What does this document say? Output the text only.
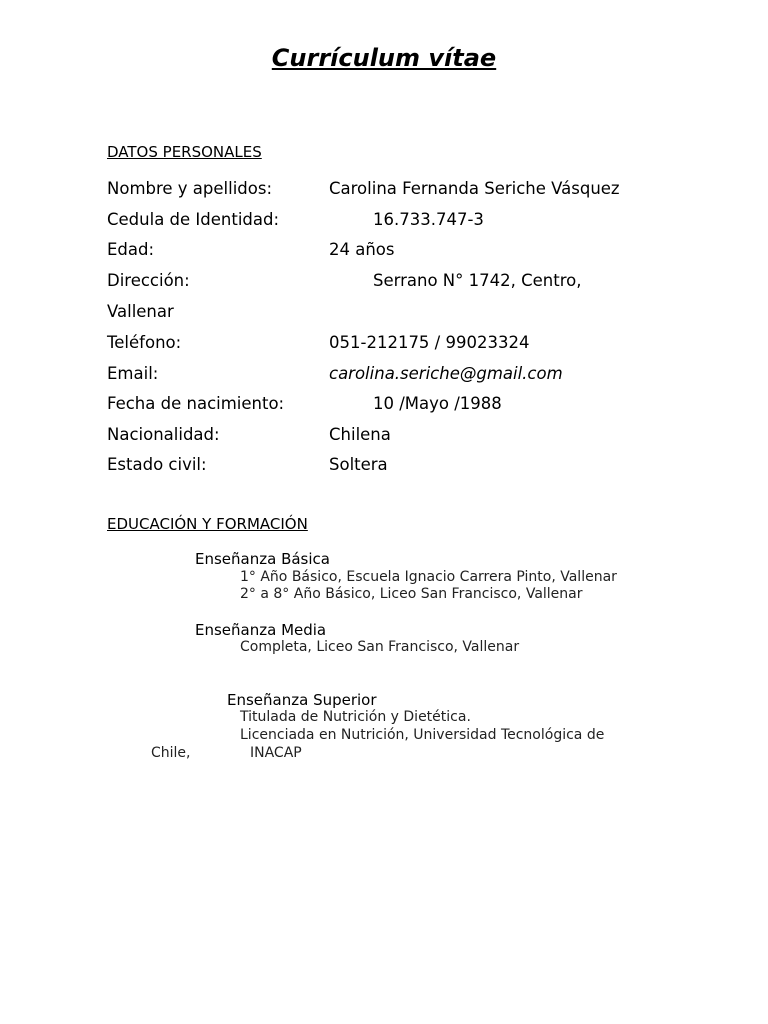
Currículum vítae
DATOS PERSONALES
Nombre y apellidos:	Carolina Fernanda Seriche Vásquez
Cedula de Identidad:	16.733.747-3
Edad:	24 años
Dirección:	Serrano N° 1742, Centro,
Vallenar
Teléfono:	051-212175 / 99023324
Email:	carolina.seriche@gmail.com
Fecha de nacimiento:	10 /Mayo /1988
Nacionalidad:	Chilena
Estado civil:	Soltera
EDUCACIÓN Y FORMACIÓN
Enseñanza Básica
1° Año Básico, Escuela Ignacio Carrera Pinto, Vallenar
2° a 8° Año Básico, Liceo San Francisco, Vallenar
Enseñanza Media
Completa, Liceo San Francisco, Vallenar
Enseñanza Superior
Titulada de Nutrición y Dietética.
Licenciada en Nutrición, Universidad Tecnológica de
Chile,	INACAP
